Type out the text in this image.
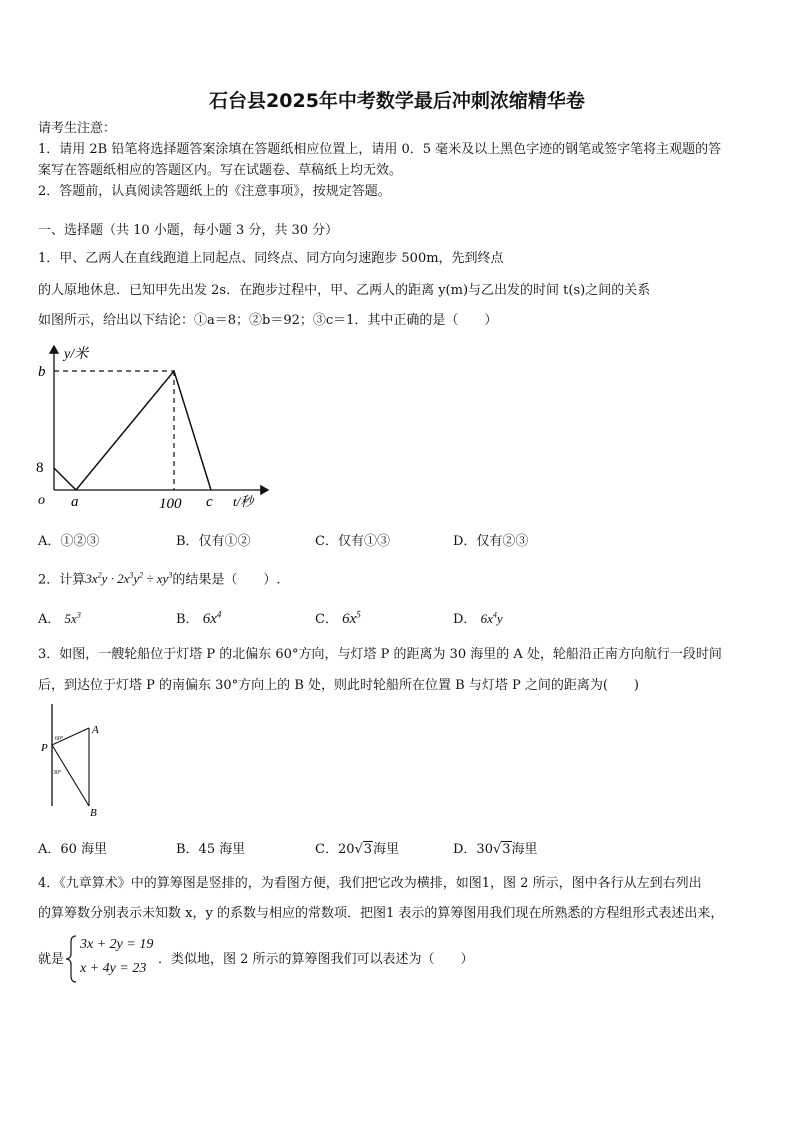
石台县2025年中考数学最后冲刺浓缩精华卷
请考生注意：
1．请用 2B 铅笔将选择题答案涂填在答题纸相应位置上，请用 0．5 毫米及以上黑色字迹的钢笔或签字笔将主观题的答
案写在答题纸相应的答题区内。写在试题卷、草稿纸上均无效。
2．答题前，认真阅读答题纸上的《注意事项》，按规定答题。
一、选择题（共 10 小题，每小题 3 分，共 30 分）
1．甲、乙两人在直线跑道上同起点、同终点、同方向匀速跑步 500m，先到终点
的人原地休息．已知甲先出发 2s．在跑步过程中，甲、乙两人的距离 y(m)与乙出发的时间 t(s)之间的关系
如图所示，给出以下结论：①a＝8；②b＝92；③c＝1．其中正确的是（　　）
y/米
b
8
o a	100 c t/秒
A．①②③	B．仅有①②	C．仅有①③	D．仅有②③
2．计算$3x^2y \cdot 2x^3y^2 \div xy^3$的结果是（　　）.
A． $5x^3$	B． $6x^4$	C． $6x^5$	D． $6x^4y$
3．如图，一艘轮船位于灯塔 P 的北偏东 60°方向，与灯塔 P 的距离为 30 海里的 A 处，轮船沿正南方向航行一段时间
后，到达位于灯塔 P 的南偏东 30°方向上的 B 处，则此时轮船所在位置 B 与灯塔 P 之间的距离为(　　)
P
A
B
60°
30°
A．60 海里	B．45 海里	C．20√3海里	D．30√3海里
4．《九章算术》中的算筹图是竖排的，为看图方便，我们把它改为横排，如图1，图 2 所示，图中各行从左到右列出
的算筹数分别表示未知数 x，y 的系数与相应的常数项．把图1 表示的算筹图用我们现在所熟悉的方程组形式表述出来，
就是
3x + 2y = 19
x + 4y = 23
．类似地，图 2 所示的算筹图我们可以表述为（　　）
